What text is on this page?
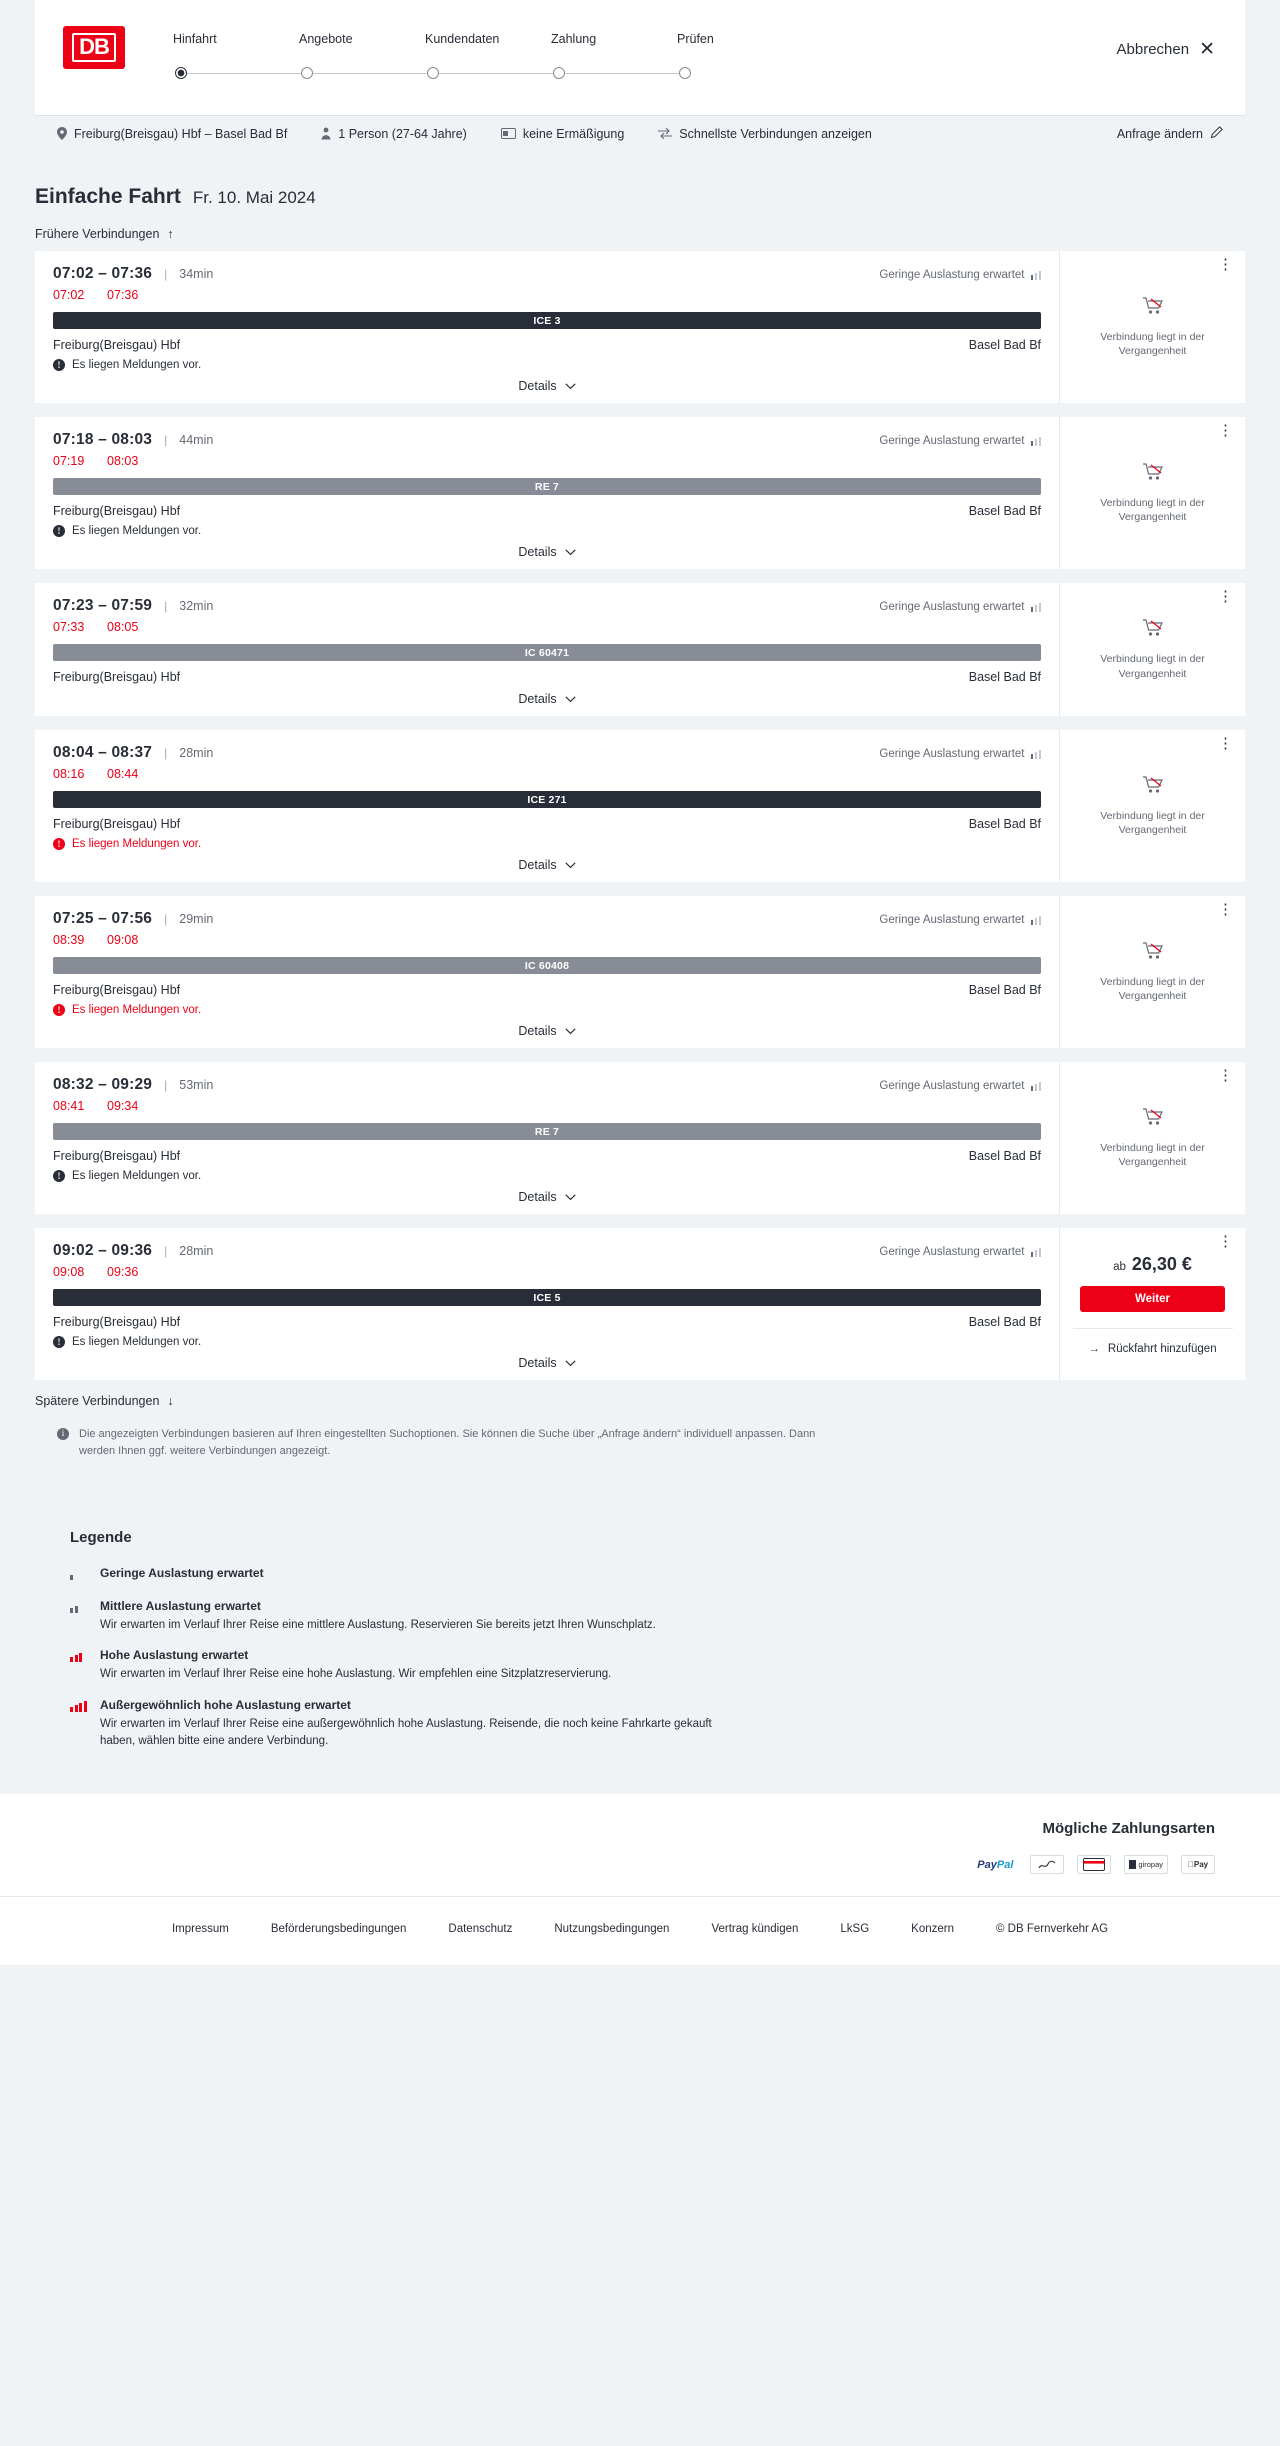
DB	Hinfahrt	Angebote	Kundendaten	Zahlung	Prüfen
Abbrechen ✕
Freiburg(Breisgau) Hbf – Basel Bad Bf	1 Person (27-64 Jahre)	keine Ermäßigung	Schnellste Verbindungen anzeigen	Anfrage ändern
Einfache Fahrt Fr. 10. Mai 2024
Frühere Verbindungen ↑
07:02 – 07:36 | 34min	Geringe Auslastung erwartet
07:02 07:36
ICE 3
Freiburg(Breisgau) Hbf	Basel Bad Bf
!	Es liegen Meldungen vor.
Details
⋮
Verbindung liegt in der Vergangenheit
07:18 – 08:03 | 44min	Geringe Auslastung erwartet
07:19 08:03
RE 7
Freiburg(Breisgau) Hbf	Basel Bad Bf
!	Es liegen Meldungen vor.
Details
⋮
Verbindung liegt in der Vergangenheit
07:23 – 07:59 | 32min	Geringe Auslastung erwartet
07:33 08:05
IC 60471
Freiburg(Breisgau) Hbf	Basel Bad Bf
Details
⋮
Verbindung liegt in der Vergangenheit
08:04 – 08:37 | 28min	Geringe Auslastung erwartet
08:16 08:44
ICE 271
Freiburg(Breisgau) Hbf	Basel Bad Bf
!	Es liegen Meldungen vor.
Details
⋮
Verbindung liegt in der Vergangenheit
07:25 – 07:56 | 29min	Geringe Auslastung erwartet
08:39 09:08
IC 60408
Freiburg(Breisgau) Hbf	Basel Bad Bf
!	Es liegen Meldungen vor.
Details
⋮
Verbindung liegt in der Vergangenheit
08:32 – 09:29 | 53min	Geringe Auslastung erwartet
08:41 09:34
RE 7
Freiburg(Breisgau) Hbf	Basel Bad Bf
!	Es liegen Meldungen vor.
Details
⋮
Verbindung liegt in der Vergangenheit
09:02 – 09:36 | 28min	Geringe Auslastung erwartet
09:08 09:36
ICE 5
Freiburg(Breisgau) Hbf	Basel Bad Bf
!	Es liegen Meldungen vor.
Details
⋮
ab 26,30 €
Weiter
→ Rückfahrt hinzufügen
Spätere Verbindungen ↓
i	Die angezeigten Verbindungen basieren auf Ihren eingestellten Suchoptionen. Sie können die Suche über „Anfrage ändern“ individuell anpassen. Dann werden Ihnen ggf. weitere Verbindungen angezeigt.
Legende
Geringe Auslastung erwartet
Mittlere Auslastung erwartet
Wir erwarten im Verlauf Ihrer Reise eine mittlere Auslastung. Reservieren Sie bereits jetzt Ihren Wunschplatz.
Hohe Auslastung erwartet
Wir erwarten im Verlauf Ihrer Reise eine hohe Auslastung. Wir empfehlen eine Sitzplatzreservierung.
Außergewöhnlich hohe Auslastung erwartet
Wir erwarten im Verlauf Ihrer Reise eine außergewöhnlich hohe Auslastung. Reisende, die noch keine Fahrkarte gekauft haben, wählen bitte eine andere Verbindung.
Mögliche Zahlungsarten
Pay Pal	giropay	Pay
Impressum	Beförderungsbedingungen	Datenschutz	Nutzungsbedingungen	Vertrag kündigen	LkSG	Konzern	© DB Fernverkehr AG
